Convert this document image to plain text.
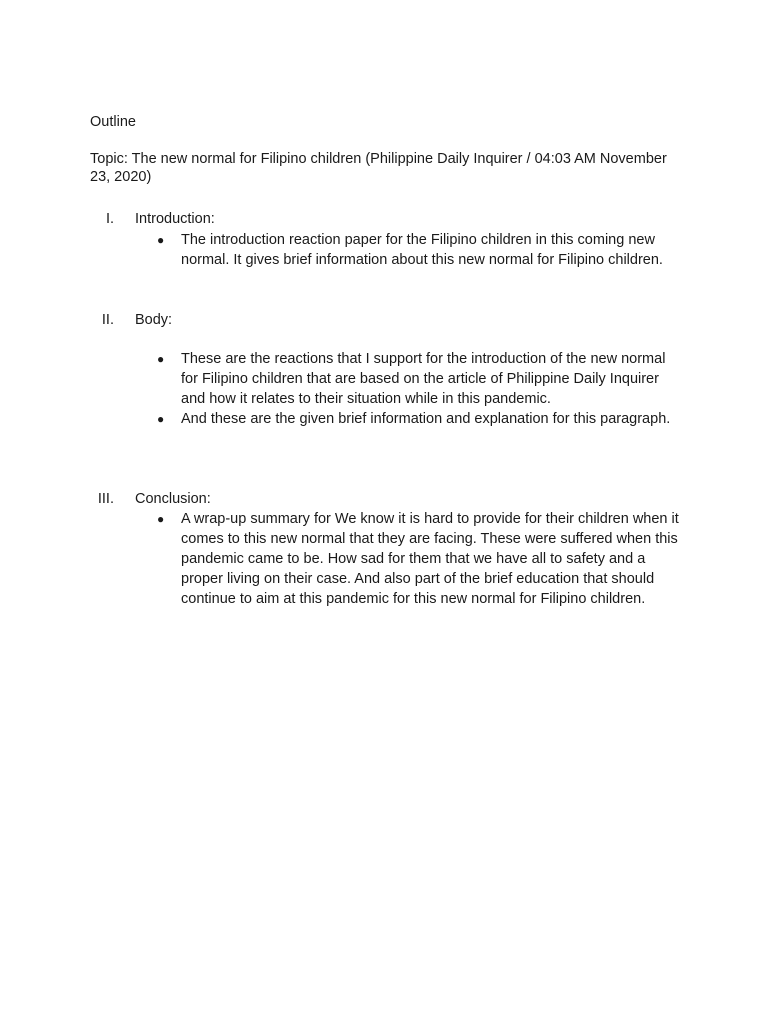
Outline
Topic: The new normal for Filipino children (Philippine Daily Inquirer / 04:03 AM November 23, 2020)
I. Introduction:
● The introduction reaction paper for the Filipino children in this coming new normal. It gives brief information about this new normal for Filipino children.
II. Body:
● These are the reactions that I support for the introduction of the new normal for Filipino children that are based on the article of Philippine Daily Inquirer and how it relates to their situation while in this pandemic.
● And these are the given brief information and explanation for this paragraph.
III. Conclusion:
● A wrap-up summary for We know it is hard to provide for their children when it comes to this new normal that they are facing. These were suffered when this pandemic came to be. How sad for them that we have all to safety and a proper living on their case. And also part of the brief education that should continue to aim at this pandemic for this new normal for Filipino children.
